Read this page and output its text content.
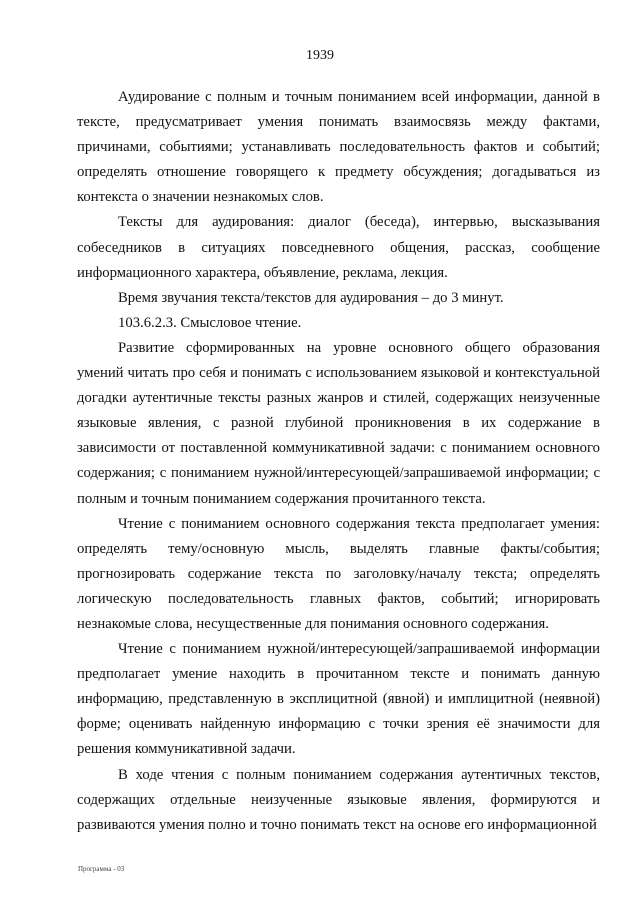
1939

Аудирование с полным и точным пониманием всей информации, данной в тексте, предусматривает умения понимать взаимосвязь между фактами, причинами, событиями; устанавливать последовательность фактов и событий; определять отношение говорящего к предмету обсуждения; догадываться из контекста о значении незнакомых слов.

Тексты для аудирования: диалог (беседа), интервью, высказывания собеседников в ситуациях повседневного общения, рассказ, сообщение информационного характера, объявление, реклама, лекция.

Время звучания текста/текстов для аудирования – до 3 минут.

103.6.2.3. Смысловое чтение.

Развитие сформированных на уровне основного общего образования умений читать про себя и понимать с использованием языковой и контекстуальной догадки аутентичные тексты разных жанров и стилей, содержащих неизученные языковые явления, с разной глубиной проникновения в их содержание в зависимости от поставленной коммуникативной задачи: с пониманием основного содержания; с пониманием нужной/интересующей/запрашиваемой информации; с полным и точным пониманием содержания прочитанного текста.

Чтение с пониманием основного содержания текста предполагает умения: определять тему/основную мысль, выделять главные факты/события; прогнозировать содержание текста по заголовку/началу текста; определять логическую последовательность главных фактов, событий; игнорировать незнакомые слова, несущественные для понимания основного содержания.

Чтение с пониманием нужной/интересующей/запрашиваемой информации предполагает умение находить в прочитанном тексте и понимать данную информацию, представленную в эксплицитной (явной) и имплицитной (неявной) форме; оценивать найденную информацию с точки зрения её значимости для решения коммуникативной задачи.

В ходе чтения с полным пониманием содержания аутентичных текстов, содержащих отдельные неизученные языковые явления, формируются и развиваются умения полно и точно понимать текст на основе его информационной

Программа - 03
